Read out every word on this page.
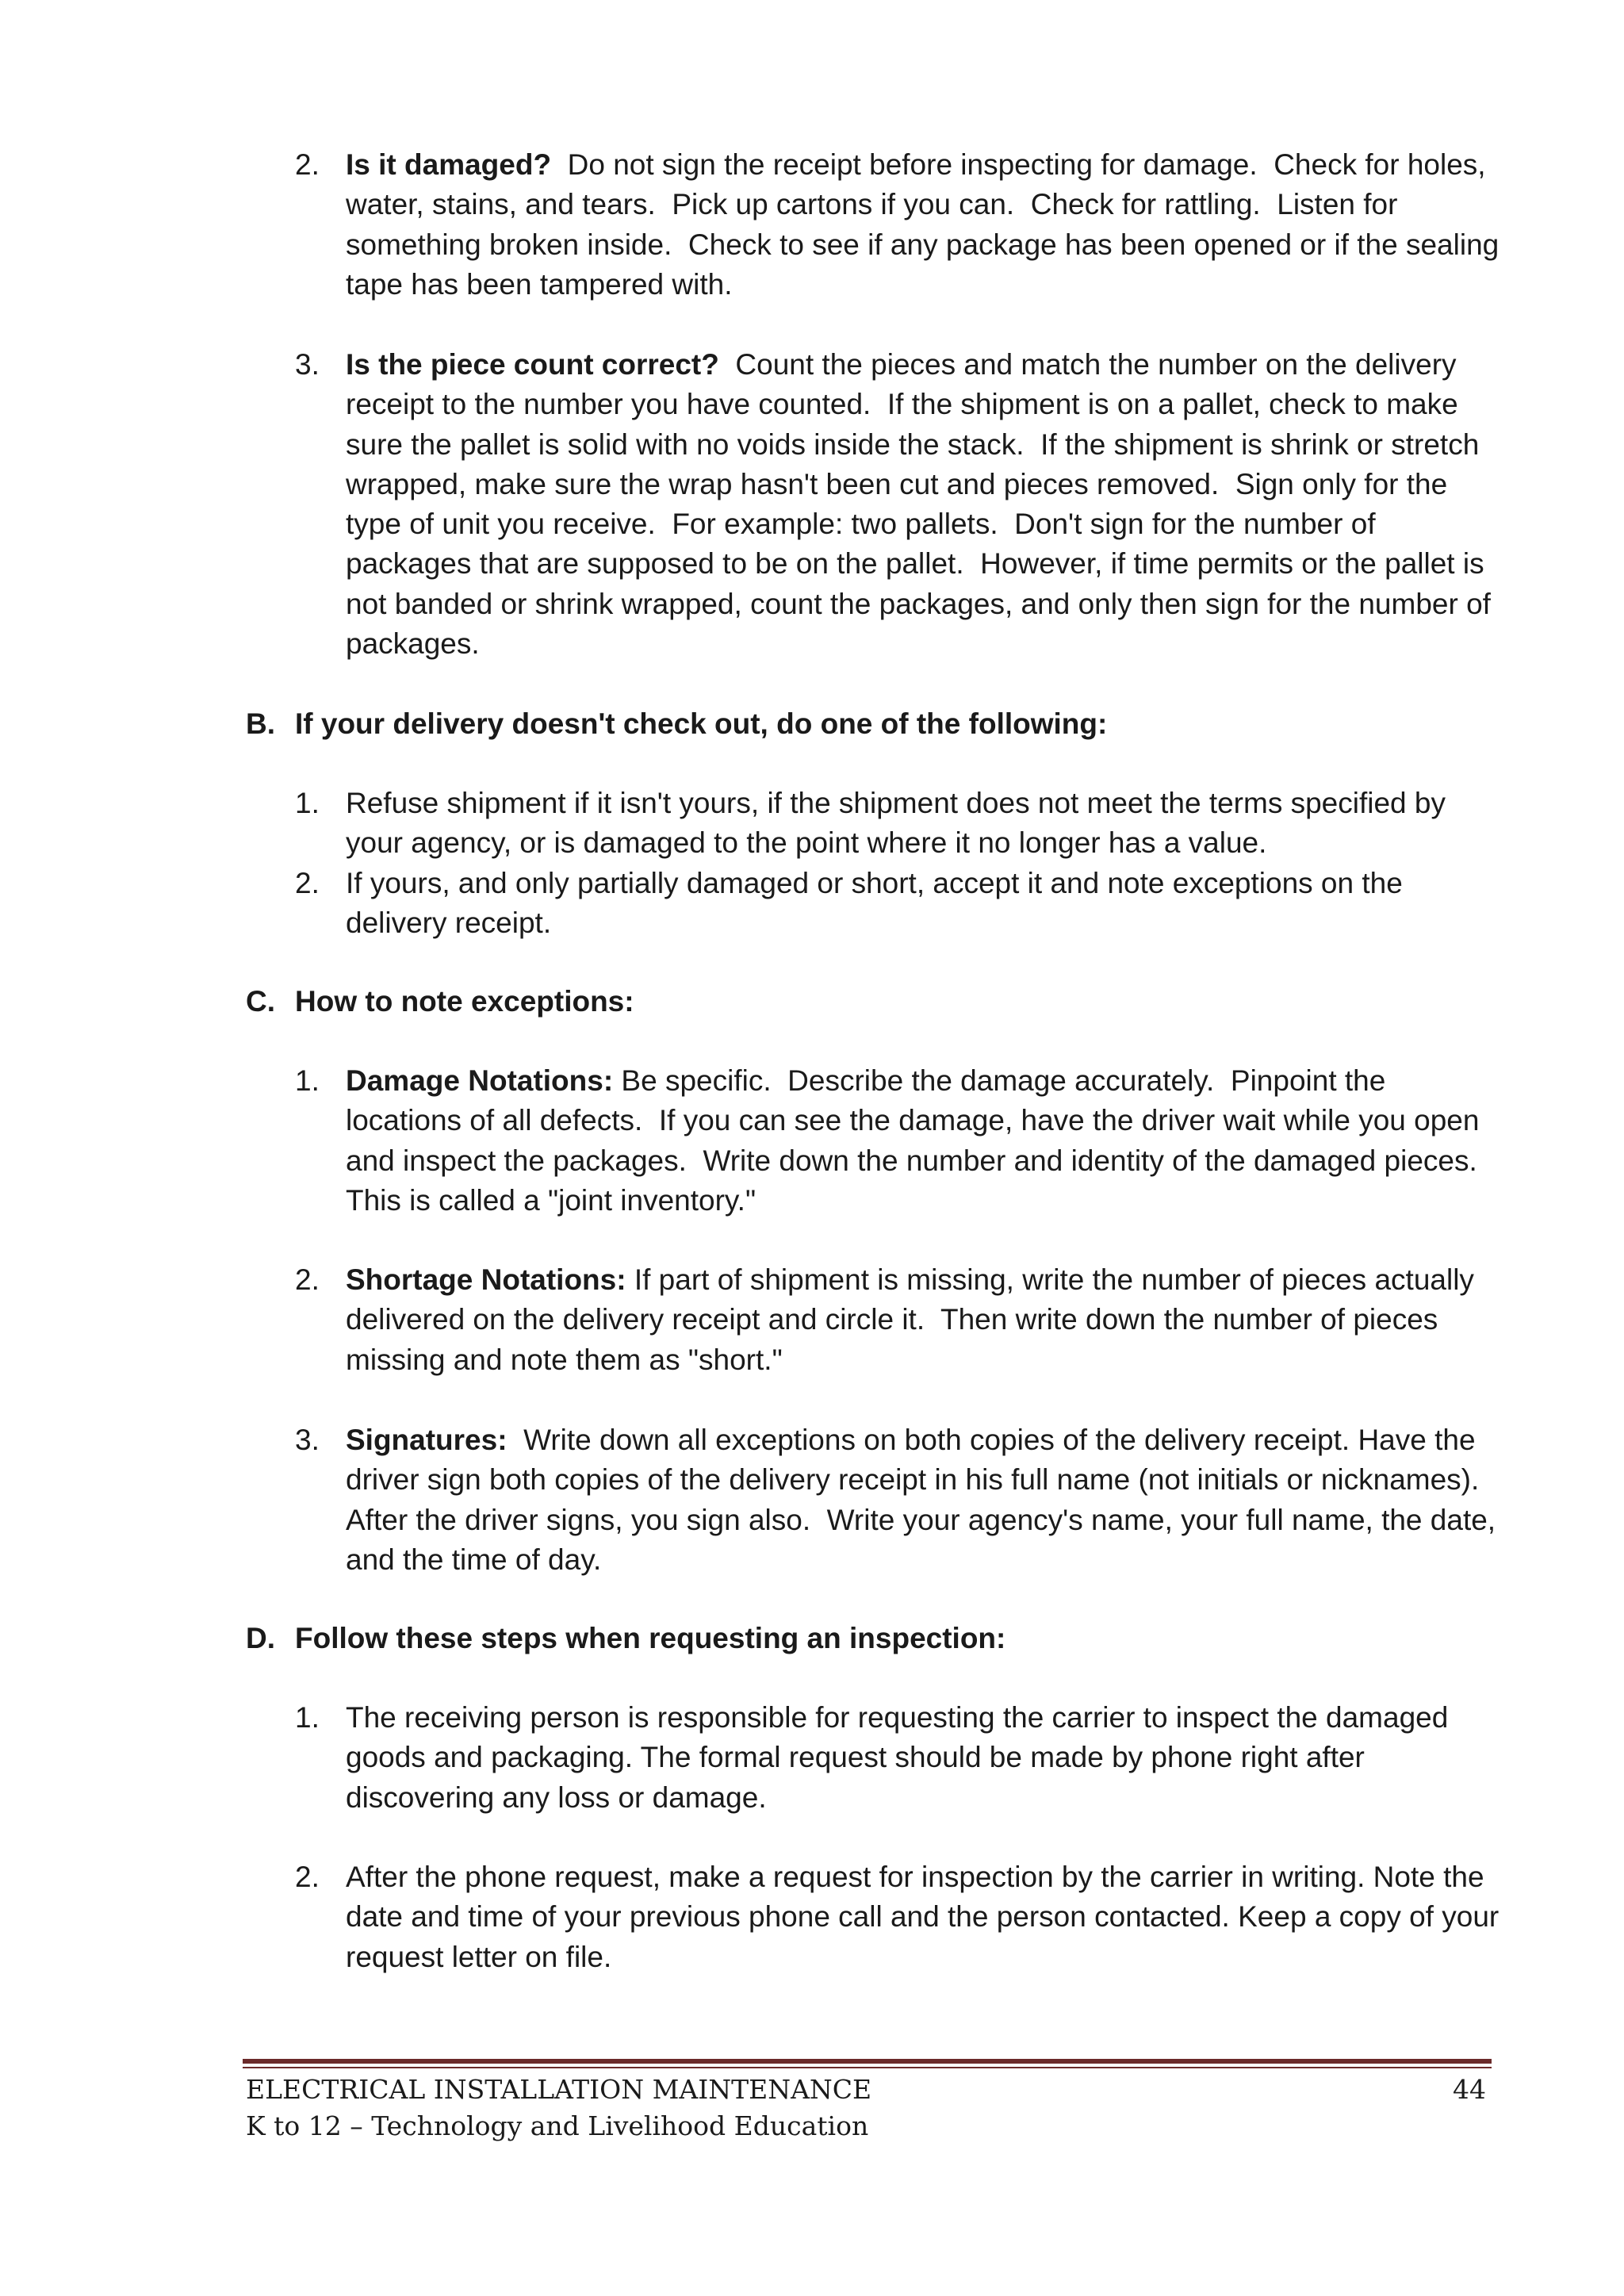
2. Is it damaged?  Do not sign the receipt before inspecting for damage.  Check for holes, water, stains, and tears.  Pick up cartons if you can.  Check for rattling.  Listen for something broken inside.  Check to see if any package has been opened or if the sealing tape has been tampered with.
3. Is the piece count correct?  Count the pieces and match the number on the delivery receipt to the number you have counted.  If the shipment is on a pallet, check to make sure the pallet is solid with no voids inside the stack.  If the shipment is shrink or stretch wrapped, make sure the wrap hasn't been cut and pieces removed.  Sign only for the type of unit you receive.  For example: two pallets.  Don't sign for the number of packages that are supposed to be on the pallet.  However, if time permits or the pallet is not banded or shrink wrapped, count the packages, and only then sign for the number of packages.
B. If your delivery doesn't check out, do one of the following:
1. Refuse shipment if it isn't yours, if the shipment does not meet the terms specified by your agency, or is damaged to the point where it no longer has a value.
2. If yours, and only partially damaged or short, accept it and note exceptions on the delivery receipt.
C. How to note exceptions:
1. Damage Notations: Be specific.  Describe the damage accurately.  Pinpoint the locations of all defects.  If you can see the damage, have the driver wait while you open and inspect the packages.  Write down the number and identity of the damaged pieces.  This is called a "joint inventory."
2. Shortage Notations: If part of shipment is missing, write the number of pieces actually delivered on the delivery receipt and circle it.  Then write down the number of pieces missing and note them as "short."
3. Signatures:  Write down all exceptions on both copies of the delivery receipt. Have the driver sign both copies of the delivery receipt in his full name (not initials or nicknames).  After the driver signs, you sign also.  Write your agency's name, your full name, the date, and the time of day.
D. Follow these steps when requesting an inspection:
1. The receiving person is responsible for requesting the carrier to inspect the damaged goods and packaging. The formal request should be made by phone right after discovering any loss or damage.
2. After the phone request, make a request for inspection by the carrier in writing. Note the date and time of your previous phone call and the person contacted. Keep a copy of your request letter on file.
ELECTRICAL INSTALLATION MAINTENANCE
K to 12 – Technology and Livelihood Education
44
